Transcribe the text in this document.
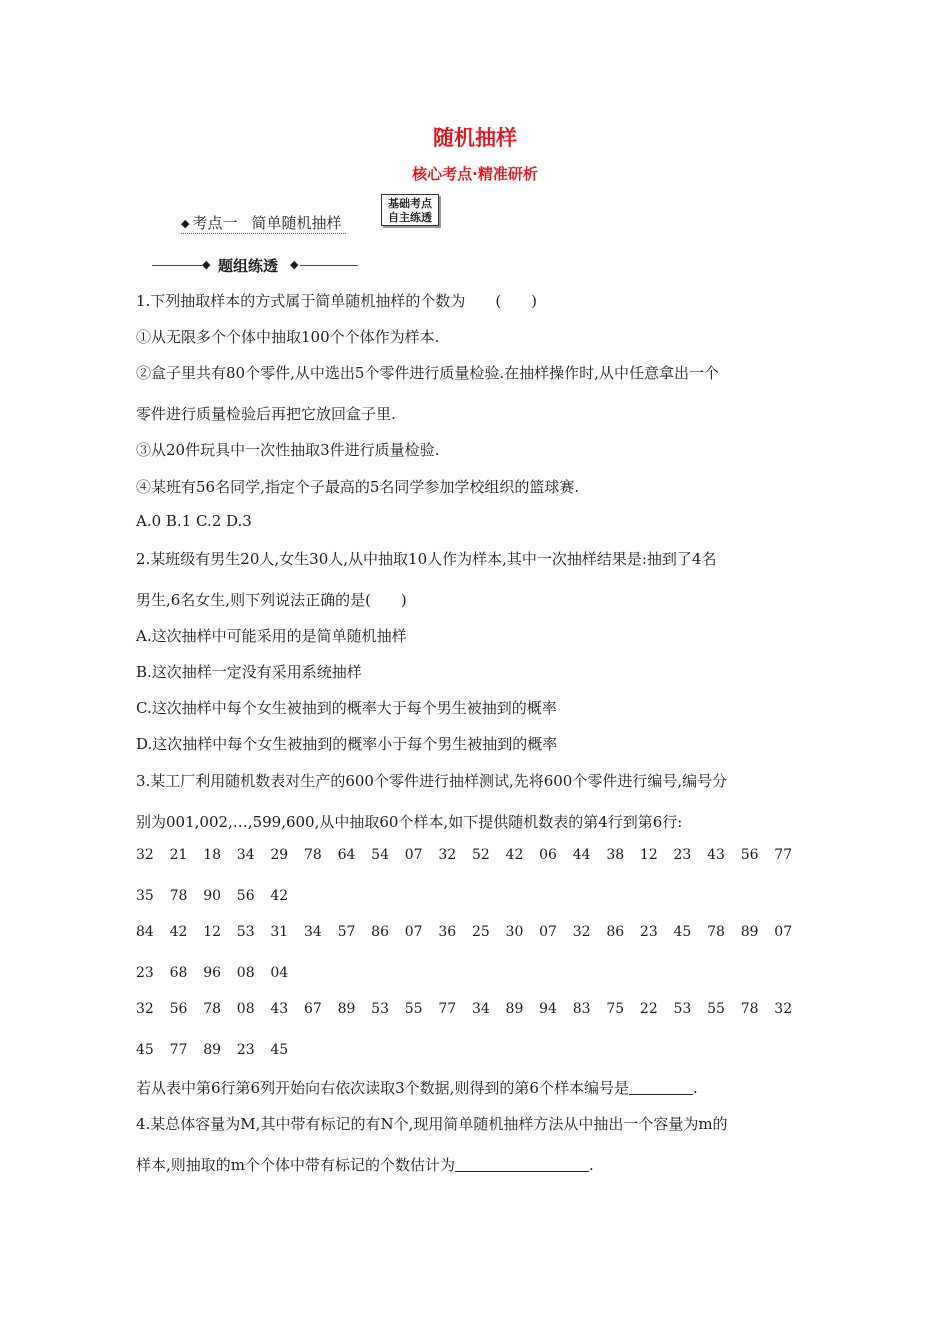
随机抽样
核心考点·精准研析
◆ 考点一 简单随机抽样
基础考点
自主练透
◆ 题组练透 ◆
1.下列抽取样本的方式属于简单随机抽样的个数为　　(　　)
①从无限多个个体中抽取100个个体作为样本.
②盒子里共有80个零件,从中选出5个零件进行质量检验.在抽样操作时,从中任意拿出一个
零件进行质量检验后再把它放回盒子里.
③从20件玩具中一次性抽取3件进行质量检验.
④某班有56名同学,指定个子最高的5名同学参加学校组织的篮球赛.
A.0 B.1 C.2 D.3
2.某班级有男生20人,女生30人,从中抽取10人作为样本,其中一次抽样结果是:抽到了4名
男生,6名女生,则下列说法正确的是(　　)
A.这次抽样中可能采用的是简单随机抽样
B.这次抽样一定没有采用系统抽样
C.这次抽样中每个女生被抽到的概率大于每个男生被抽到的概率
D.这次抽样中每个女生被抽到的概率小于每个男生被抽到的概率
3.某工厂利用随机数表对生产的600个零件进行抽样测试,先将600个零件进行编号,编号分
别为001,002,…,599,600,从中抽取60个样本,如下提供随机数表的第4行到第6行:
32 21 18 34 29 78 64 54 07 32 52 42 06 44 38 12 23 43 56 77
35 78 90 56 42
84 42 12 53 31 34 57 86 07 36 25 30 07 32 86 23 45 78 89 07
23 68 96 08 04
32 56 78 08 43 67 89 53 55 77 34 89 94 83 75 22 53 55 78 32
45 77 89 23 45
若从表中第6行第6列开始向右依次读取3个数据,则得到的第6个样本编号是	.
4.某总体容量为M,其中带有标记的有N个,现用简单随机抽样方法从中抽出一个容量为m的
样本,则抽取的m个个体中带有标记的个数估计为	.
